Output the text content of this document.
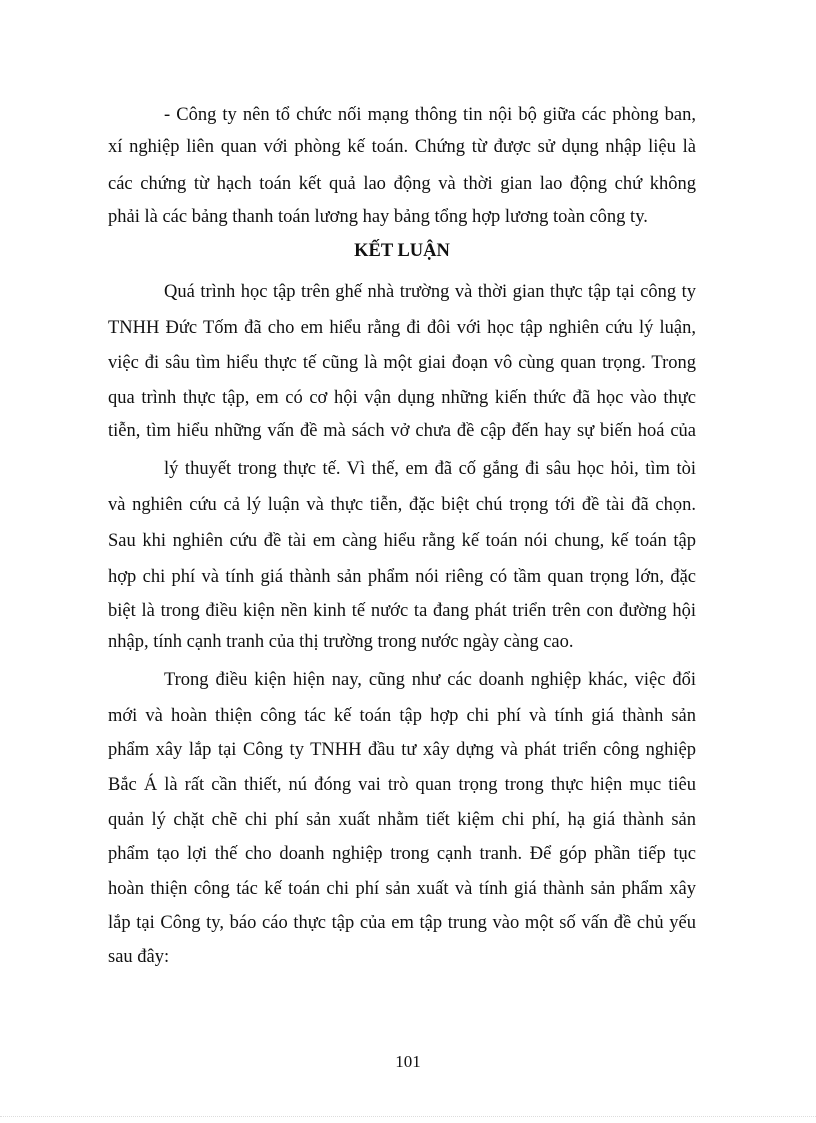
- Công ty nên tổ chức nối mạng thông tin nội bộ giữa các phòng ban,
xí nghiệp liên quan với phòng kế toán. Chứng từ được sử dụng nhập liệu là
các chứng từ hạch toán kết quả lao động và thời gian lao động chứ không
phải là các bảng thanh toán lương hay bảng tổng hợp lương toàn công ty.
KẾT LUẬN
Quá trình học tập trên ghế nhà trường và thời gian thực tập tại công ty
TNHH Đức Tốm đã cho em hiểu rằng đi đôi với học tập nghiên cứu lý luận,
việc đi sâu tìm hiểu thực tế cũng là một giai đoạn vô cùng quan trọng. Trong
qua trình thực tập, em có cơ hội vận dụng những kiến thức đã học vào thực
tiễn, tìm hiểu những vấn đề mà sách vở chưa đề cập đến hay sự biến hoá của
lý thuyết trong thực tế. Vì thế, em đã cố gắng đi sâu học hỏi, tìm tòi
và nghiên cứu cả lý luận và thực tiễn, đặc biệt chú trọng tới đề tài đã chọn.
Sau khi nghiên cứu đề tài em càng hiểu rằng kế toán nói chung, kế toán tập
hợp chi phí và tính giá thành sản phẩm nói riêng có tầm quan trọng lớn, đặc
biệt là trong điều kiện nền kinh tế nước ta đang phát triển trên con đường hội
nhập, tính cạnh tranh của thị trường trong nước ngày càng cao.
Trong điều kiện hiện nay, cũng như các doanh nghiệp khác, việc đổi
mới và hoàn thiện công tác kế toán tập hợp chi phí và tính giá thành sản
phẩm xây lắp tại Công ty TNHH đầu tư xây dựng và phát triển công nghiệp
Bắc Á là rất cần thiết, nú đóng vai trò quan trọng trong thực hiện mục tiêu
quản lý chặt chẽ chi phí sản xuất nhằm tiết kiệm chi phí, hạ giá thành sản
phẩm tạo lợi thế cho doanh nghiệp trong cạnh tranh. Để góp phần tiếp tục
hoàn thiện công tác kế toán chi phí sản xuất và tính giá thành sản phẩm xây
lắp tại Công ty, báo cáo thực tập của em tập trung vào một số vấn đề chủ yếu
sau đây:
101
